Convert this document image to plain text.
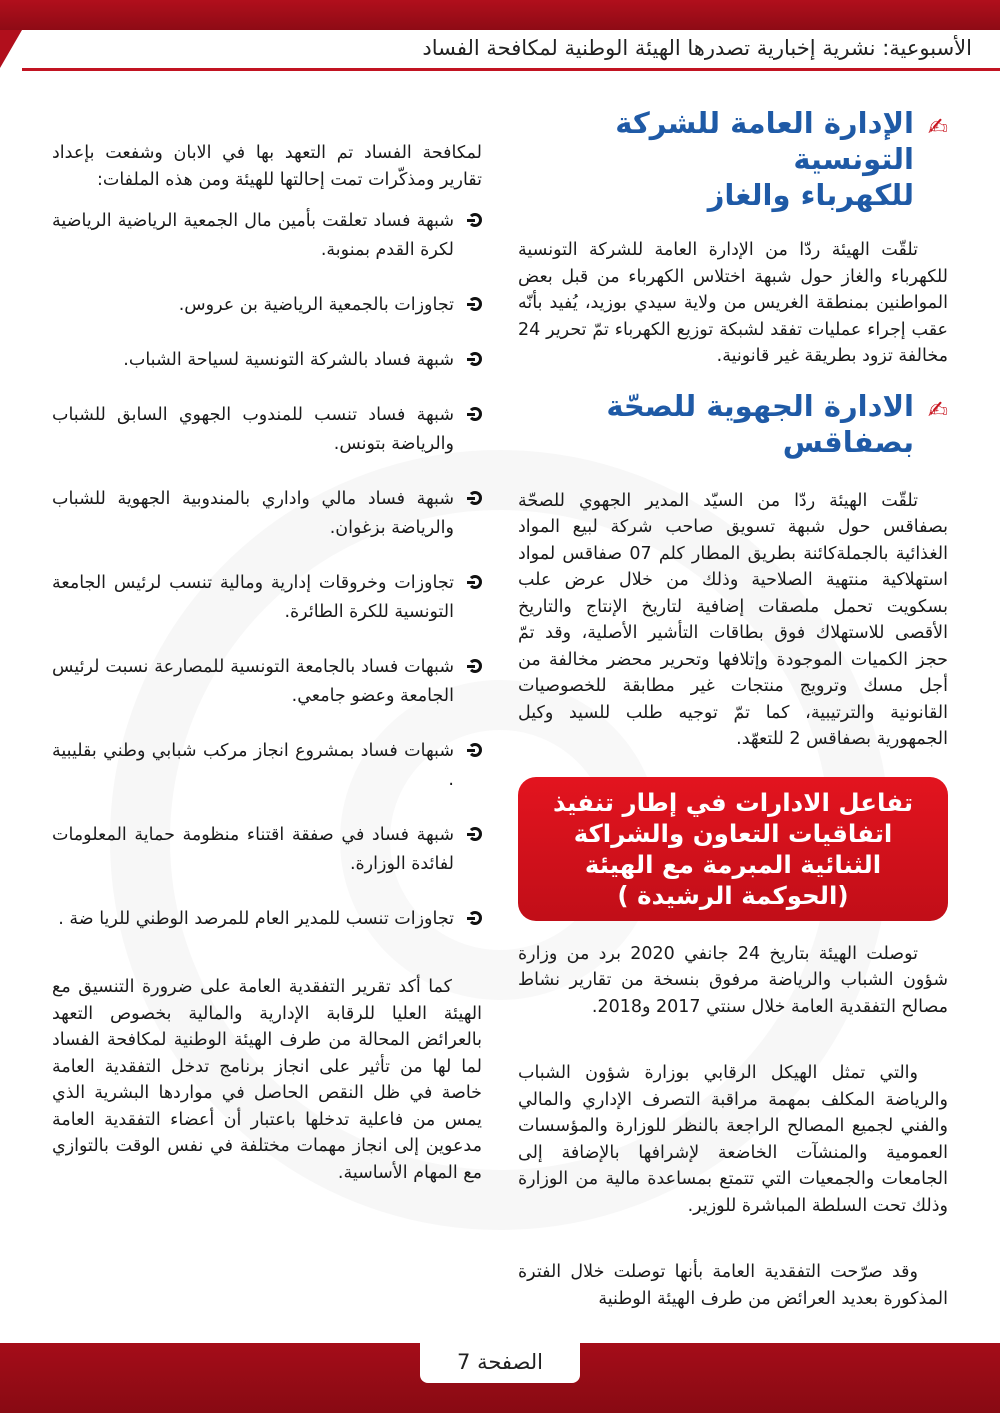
الأسبوعية: نشرية إخبارية تصدرها الهيئة الوطنية لمكافحة الفساد
✍
الإدارة العامة للشركة التونسية
للكهرباء والغاز

تلقّت الهيئة ردّا من الإدارة العامة للشركة التونسية للكهرباء والغاز حول شبهة اختلاس الكهرباء من قبل بعض المواطنين بمنطقة الغريس من ولاية سيدي بوزيد، يُفيد بأنّه عقب إجراء عمليات تفقد لشبكة توزيع الكهرباء تمّ تحرير 24 مخالفة تزود بطريقة غير قانونية.

✍
الادارة الجهوية للصحّة بصفاقس

تلقّت الهيئة ردّا من السيّد المدير الجهوي للصحّة بصفاقس حول شبهة تسويق صاحب شركة لبيع المواد الغذائية بالجملةكائنة بطريق المطار كلم 07 صفاقس لمواد استهلاكية منتهية الصلاحية وذلك من خلال عرض علب بسكويت تحمل ملصقات إضافية لتاريخ الإنتاج والتاريخ الأقصى للاستهلاك فوق بطاقات التأشير الأصلية، وقد تمّ حجز الكميات الموجودة وإتلافها وتحرير محضر مخالفة من أجل مسك وترويج منتجات غير مطابقة للخصوصيات القانونية والترتيبية، كما تمّ توجيه طلب للسيد وكيل الجمهورية بصفاقس 2 للتعهّد.

تفاعل الادارات في إطار تنفيذ
اتفاقيات التعاون والشراكة
الثنائية المبرمة مع الهيئة
(الحوكمة الرشيدة )

توصلت الهيئة بتاريخ 24 جانفي 2020 برد من وزارة شؤون الشباب والرياضة مرفوق بنسخة من تقارير نشاط مصالح التفقدية العامة خلال سنتي 2017 و2018.

والتي تمثل الهيكل الرقابي بوزارة شؤون الشباب والرياضة المكلف بمهمة مراقبة التصرف الإداري والمالي والفني لجميع المصالح الراجعة بالنظر للوزارة والمؤسسات العمومية والمنشآت الخاضعة لإشرافها بالإضافة إلى الجامعات والجمعيات التي تتمتع بمساعدة مالية من الوزارة وذلك تحت السلطة المباشرة للوزير.

وقد صرّحت التفقدية العامة بأنها توصلت خلال الفترة المذكورة بعديد العرائض من طرف الهيئة الوطنية

لمكافحة الفساد تم التعهد بها في الابان وشفعت بإعداد تقارير ومذكّرات تمت إحالتها للهيئة ومن هذه الملفات:

شبهة فساد تعلقت بأمين مال الجمعية الرياضية الرياضية لكرة القدم بمنوبة.
تجاوزات بالجمعية الرياضية بن عروس.
شبهة فساد بالشركة التونسية لسياحة الشباب.
شبهة فساد تنسب للمندوب الجهوي السابق للشباب والرياضة بتونس.
شبهة فساد مالي واداري بالمندوبية الجهوية للشباب والرياضة بزغوان.
تجاوزات وخروقات إدارية ومالية تنسب لرئيس الجامعة التونسية للكرة الطائرة.
شبهات فساد بالجامعة التونسية للمصارعة نسبت لرئيس الجامعة وعضو جامعي.
شبهات فساد بمشروع انجاز مركب شبابي وطني بقليبية .
شبهة فساد في صفقة اقتناء منظومة حماية المعلومات لفائدة الوزارة.
تجاوزات تنسب للمدير العام للمرصد الوطني للريا ضة .

كما أكد تقرير التفقدية العامة على ضرورة التنسيق مع الهيئة العليا للرقابة الإدارية والمالية بخصوص التعهد بالعرائض المحالة من طرف الهيئة الوطنية لمكافحة الفساد لما لها من تأثير على انجاز برنامج تدخل التفقدية العامة خاصة في ظل النقص الحاصل في مواردها البشرية الذي يمس من فاعلية تدخلها باعتبار أن أعضاء التفقدية العامة مدعوين إلى انجاز مهمات مختلفة في نفس الوقت بالتوازي مع المهام الأساسية.

الصفحة 7
